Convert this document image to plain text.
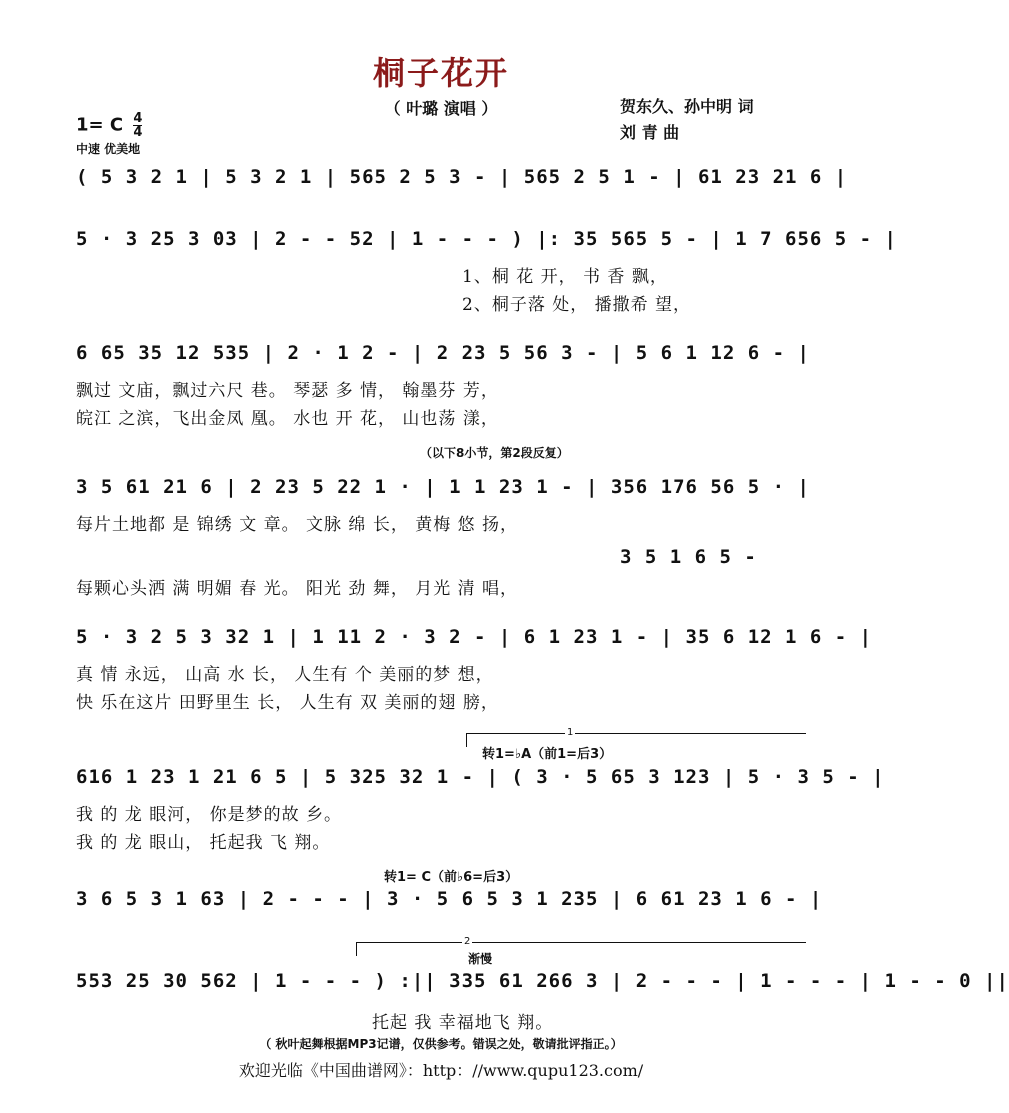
桐子花开
（ 叶璐 演唱 ）	贺东久、孙中明 词
刘 青 曲
1= C $\frac{4}{4}$
中速 优美地
( 5 3 2 1 | 5 3 2 1 | 565 2 5 3 - | 565 2 5 1 - | 61 23 21 6 |
5 · 3 25 3 03 | 2 - - 52 | 1 - - - ) |: 35 565 5 - | 1 7 656 5 - |
1、桐 花 开， 书 香 飘，
2、桐子落 处， 播撒希 望，
6 65 35 12 535 | 2 · 1 2 - | 2 23 5 56 3 - | 5 6 1 12 6 - |
飘过 文庙，飘过六尺 巷。 琴瑟 多 情， 翰墨芬 芳，
皖江 之滨，飞出金凤 凰。 水也 开 花， 山也荡 漾，
（以下8小节，第2段反复）
3 5 61 21 6 | 2 23 5 22 1 · | 1 1 23 1 - | 356 176 56 5 · |
每片土地都 是 锦绣 文 章。 文脉 绵 长， 黄梅 悠 扬，
3 5 1 6 5 -
每颗心头洒 满 明媚 春 光。 阳光 劲 舞， 月光 清 唱，
5 · 3 2 5 3 32 1 | 1 11 2 · 3 2 - | 6 1 23 1 - | 35 6 12 1 6 - |
真 情 永远， 山高 水 长， 人生有 个 美丽的梦 想，
快 乐在这片 田野里生 长， 人生有 双 美丽的翅 膀，
1
转1=♭A（前1=后3）
616 1 23 1 21 6 5 | 5 325 32 1 - | ( 3 · 5 65 3 123 | 5 · 3 5 - |
我 的 龙 眼河， 你是梦的故 乡。
我 的 龙 眼山， 托起我 飞 翔。
转1= C（前♭6=后3）
3 6 5 3 1 63 | 2 - - - | 3 · 5 6 5 3 1 235 | 6 61 23 1 6 - |
2
渐慢
553 25 30 562 | 1 - - - ) :|| 335 61 266 3 | 2 - - - | 1 - - - | 1 - - 0 ||
托起 我 幸福地飞 翔。
（ 秋叶起舞根据MP3记谱，仅供参考。错误之处，敬请批评指正。）
欢迎光临《中国曲谱网》：http：//www.qupu123.com/
